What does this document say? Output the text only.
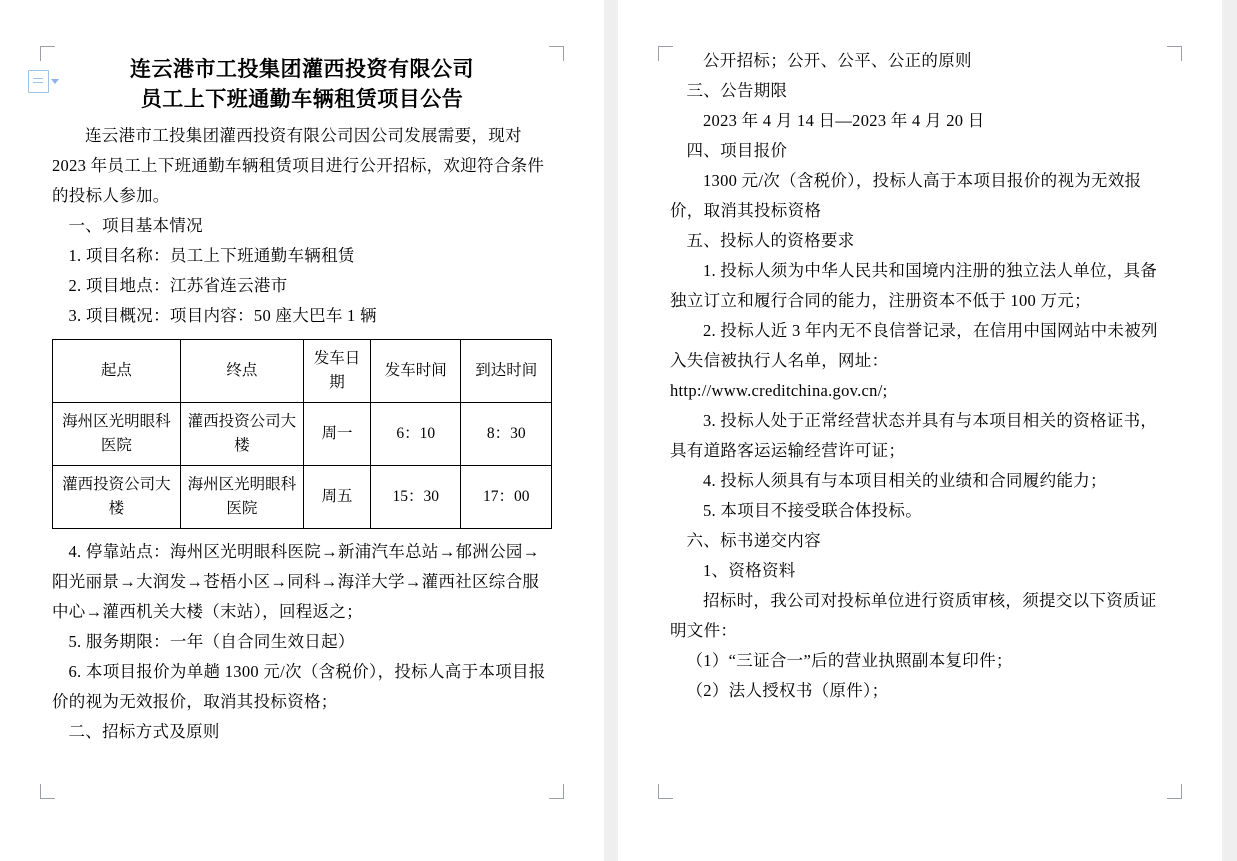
连云港市工投集团灌西投资有限公司
员工上下班通勤车辆租赁项目公告

连云港市工投集团灌西投资有限公司因公司发展需要，现对 2023 年员工上下班通勤车辆租赁项目进行公开招标，欢迎符合条件的投标人参加。

一、项目基本情况

1. 项目名称：员工上下班通勤车辆租赁

2. 项目地点：江苏省连云港市

3. 项目概况：项目内容：50 座大巴车 1 辆

起点	终点	发车日期	发车时间	到达时间
海州区光明眼科医院	灌西投资公司大楼	周一	6：10	8：30
灌西投资公司大楼	海州区光明眼科医院	周五	15：30	17：00

4. 停靠站点：海州区光明眼科医院→新浦汽车总站→郁洲公园→阳光丽景→大润发→苍梧小区→同科→海洋大学→灌西社区综合服中心→灌西机关大楼（末站），回程返之；

5. 服务期限：一年（自合同生效日起）

6. 本项目报价为单趟 1300 元/次（含税价），投标人高于本项目报价的视为无效报价，取消其投标资格；

二、招标方式及原则

公开招标；公开、公平、公正的原则

三、公告期限

2023 年 4 月 14 日—2023 年 4 月 20 日

四、项目报价

1300 元/次（含税价），投标人高于本项目报价的视为无效报价，取消其投标资格

五、投标人的资格要求

1. 投标人须为中华人民共和国境内注册的独立法人单位，具备独立订立和履行合同的能力，注册资本不低于 100 万元；

2. 投标人近 3 年内无不良信誉记录，在信用中国网站中未被列入失信被执行人名单，网址：

http://www.creditchina.gov.cn/;

3. 投标人处于正常经营状态并具有与本项目相关的资格证书，具有道路客运运输经营许可证；

4. 投标人须具有与本项目相关的业绩和合同履约能力；

5. 本项目不接受联合体投标。

六、标书递交内容

1、资格资料

招标时，我公司对投标单位进行资质审核，须提交以下资质证明文件：

（1）“三证合一”后的营业执照副本复印件；

（2）法人授权书（原件）；
